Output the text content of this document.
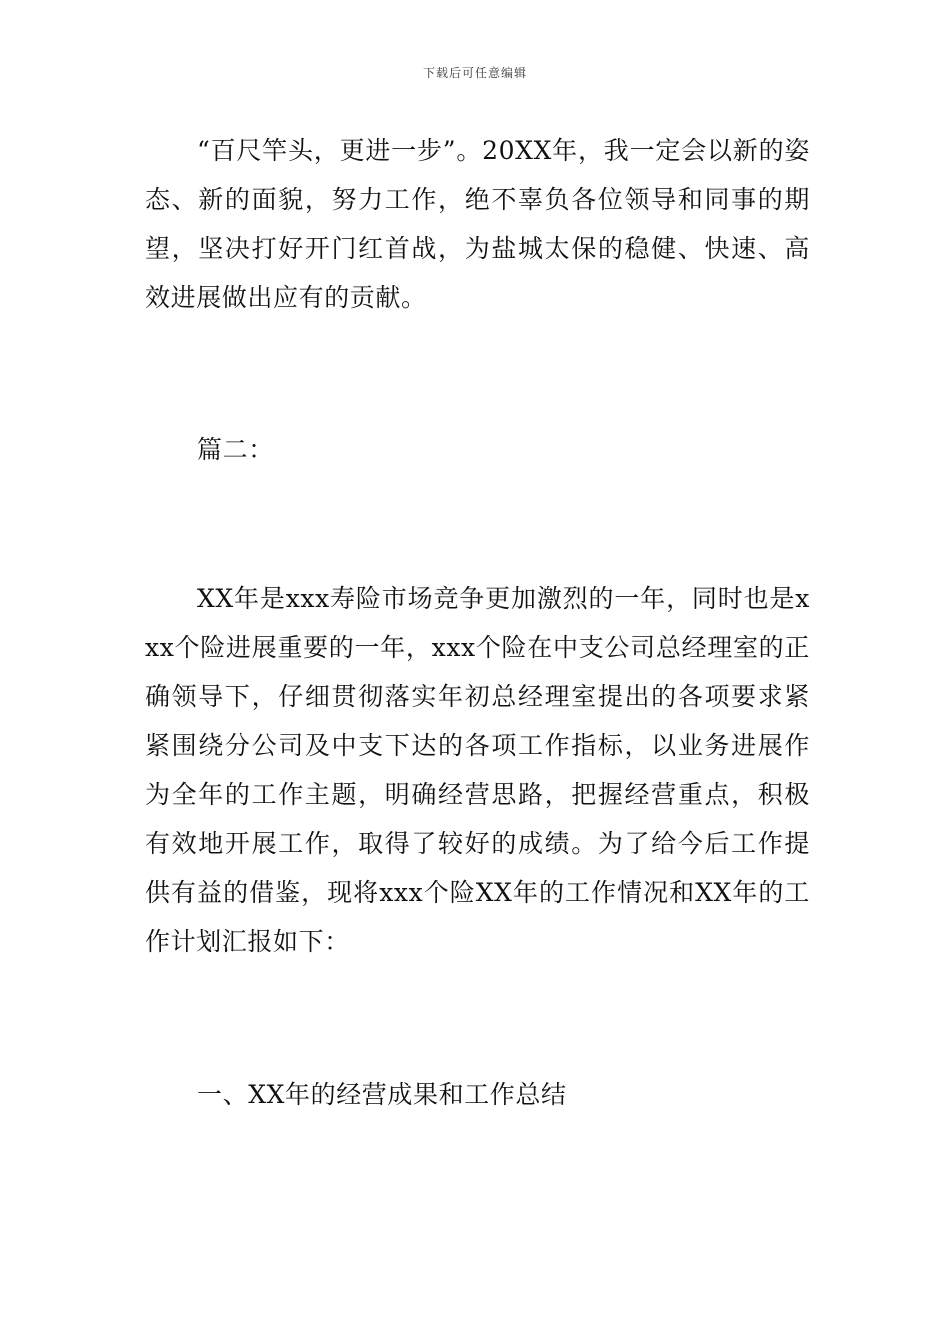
下载后可任意编辑

“百尺竿头，更进一步”。20XX年，我一定会以新的姿态、新的面貌，努力工作，绝不辜负各位领导和同事的期望，坚决打好开门红首战，为盐城太保的稳健、快速、高效进展做出应有的贡献。

篇二：

XX年是xxx寿险市场竞争更加激烈的一年，同时也是xxx个险进展重要的一年，xxx个险在中支公司总经理室的正确领导下，仔细贯彻落实年初总经理室提出的各项要求紧紧围绕分公司及中支下达的各项工作指标，以业务进展作为全年的工作主题，明确经营思路，把握经营重点，积极有效地开展工作，取得了较好的成绩。为了给今后工作提供有益的借鉴，现将xxx个险XX年的工作情况和XX年的工作计划汇报如下：

一、XX年的经营成果和工作总结
